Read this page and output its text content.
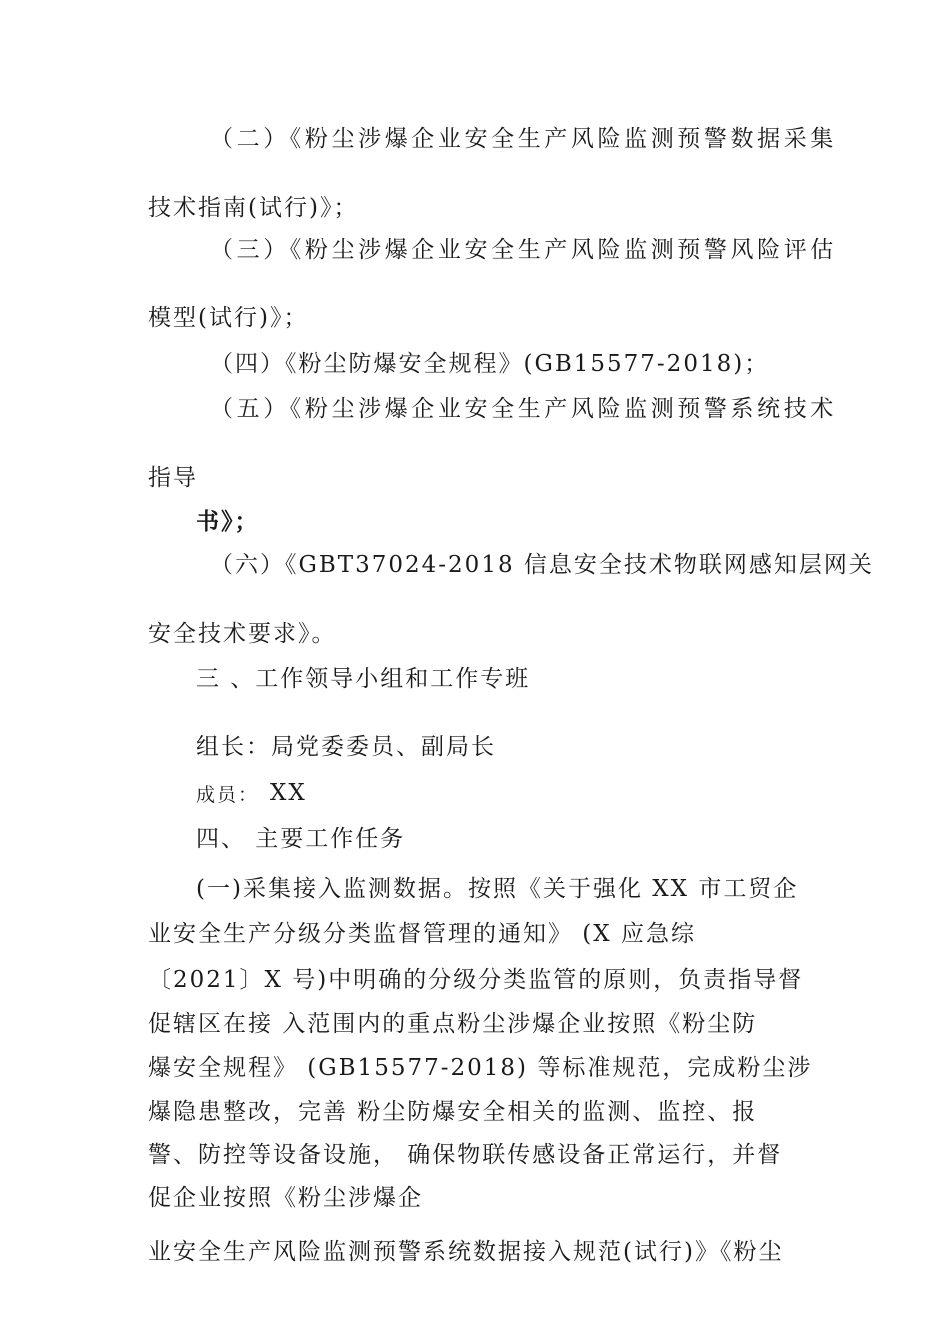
（二）《粉尘涉爆企业安全生产风险监测预警数据采集
技术指南(试行)》；
（三）《粉尘涉爆企业安全生产风险监测预警风险评估
模型(试行)》；
（四）《粉尘防爆安全规程》(GB15577-2018)；
（五）《粉尘涉爆企业安全生产风险监测预警系统技术
指导
书》；
（六）《GBT37024-2018 信息安全技术物联网感知层网关
安全技术要求》。
三 、工作领导小组和工作专班
组长：局党委委员、副局长
成员： XX
四、 主要工作任务
(一)采集接入监测数据。按照《关于强化 XX 市工贸企
业安全生产分级分类监督管理的通知》 (X 应急综
〔2021〕X 号)中明确的分级分类监管的原则，负责指导督
促辖区在接 入范围内的重点粉尘涉爆企业按照《粉尘防
爆安全规程》 (GB15577-2018) 等标准规范，完成粉尘涉
爆隐患整改，完善 粉尘防爆安全相关的监测、监控、报
警、防控等设备设施， 确保物联传感设备正常运行，并督
促企业按照《粉尘涉爆企
业安全生产风险监测预警系统数据接入规范(试行)》《粉尘
